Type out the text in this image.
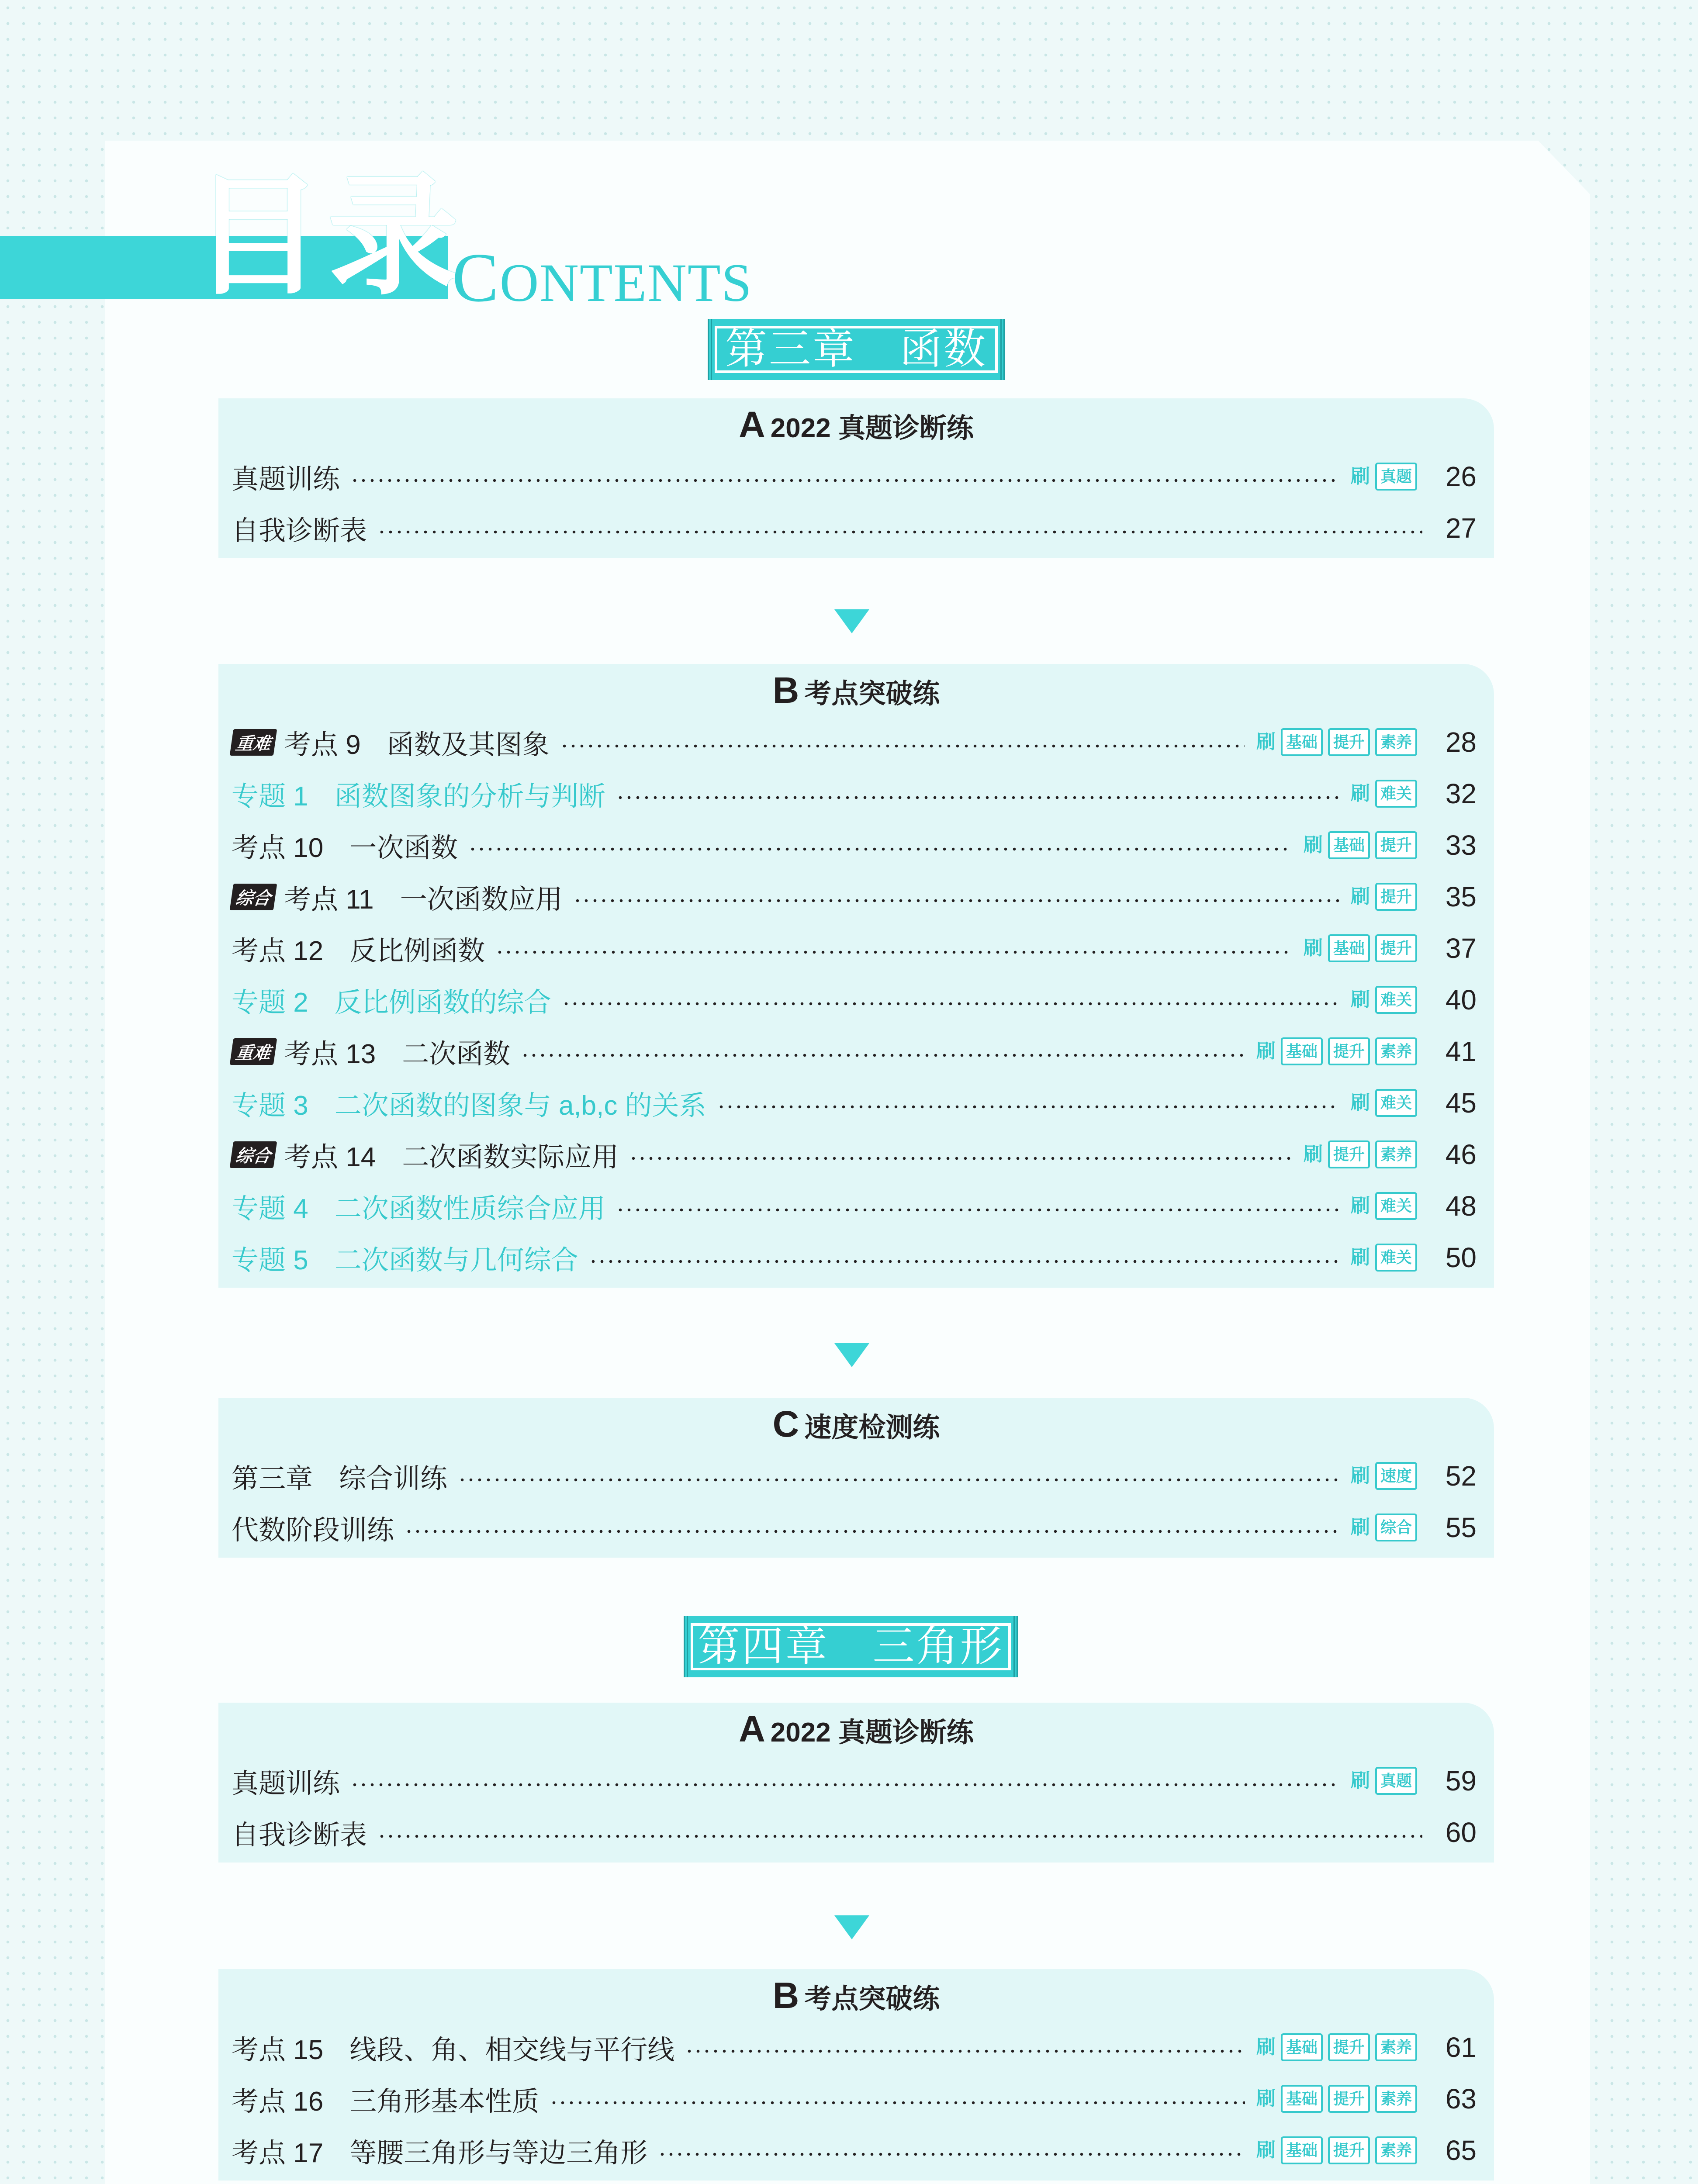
目录
CONTENTS
第三章　函数
A 2022 真题诊断练
真题训练	刷 真题	26
自我诊断表	27
B 考点突破练
重难 考点 9 函数及其图象	刷 基础	提升	素养	28
专题 1 函数图象的分析与判断	刷 难关	32
考点 10 一次函数	刷 基础	提升	33
综合 考点 11 一次函数应用	刷 提升	35
考点 12 反比例函数	刷 基础	提升	37
专题 2 反比例函数的综合	刷 难关	40
重难 考点 13 二次函数	刷 基础	提升	素养	41
专题 3 二次函数的图象与 a,b,c 的关系	刷 难关	45
综合 考点 14 二次函数实际应用	刷 提升	素养	46
专题 4 二次函数性质综合应用	刷 难关	48
专题 5 二次函数与几何综合	刷 难关	50
C 速度检测练
第三章 综合训练	刷 速度	52
代数阶段训练	刷 综合	55
第四章　三角形
A 2022 真题诊断练
真题训练	刷 真题	59
自我诊断表	60
B 考点突破练
考点 15 线段、角、相交线与平行线	刷 基础	提升	素养	61
考点 16 三角形基本性质	刷 基础	提升	素养	63
考点 17 等腰三角形与等边三角形	刷 基础	提升	素养	65
